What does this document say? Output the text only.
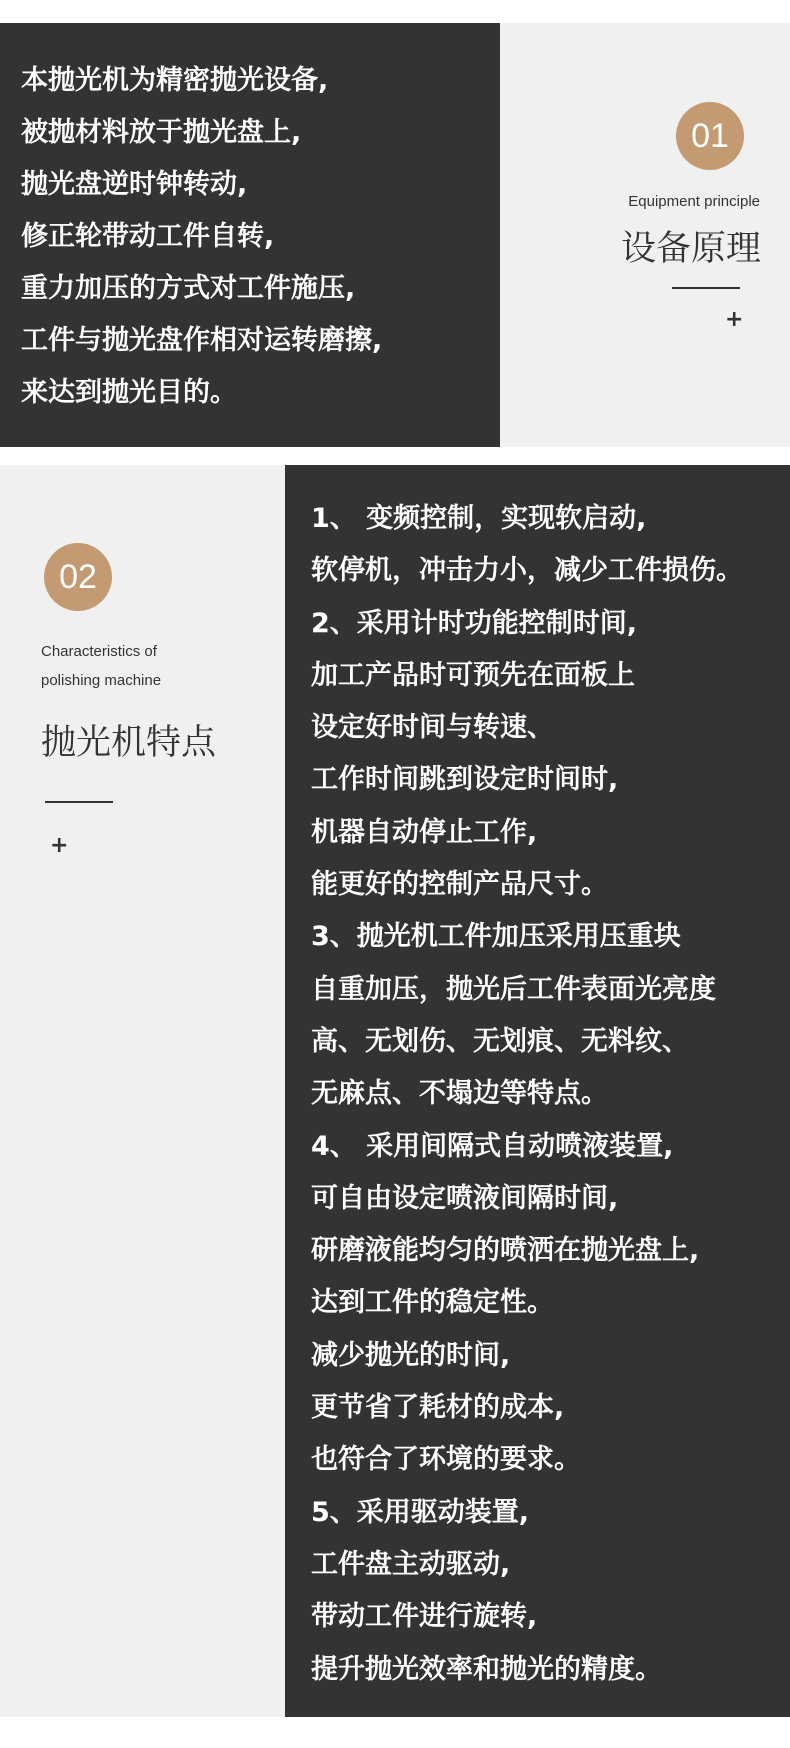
本抛光机为精密抛光设备,
被抛材料放于抛光盘上,
抛光盘逆时钟转动,
修正轮带动工件自转,
重力加压的方式对工件施压,
工件与抛光盘作相对运转磨擦,
来达到抛光目的。
01
Equipment principle
设备原理
+
02
Characteristics of
polishing machine
抛光机特点
+
1、 变频控制，实现软启动,
软停机，冲击力小，减少工件损伤。
2、采用计时功能控制时间,
加工产品时可预先在面板上
设定好时间与转速、
工作时间跳到设定时间时,
机器自动停止工作,
能更好的控制产品尺寸。
3、抛光机工件加压采用压重块
自重加压，抛光后工件表面光亮度
高、无划伤、无划痕、无料纹、
无麻点、不塌边等特点。
4、 采用间隔式自动喷液装置,
可自由设定喷液间隔时间,
研磨液能均匀的喷洒在抛光盘上,
达到工件的稳定性。
减少抛光的时间,
更节省了耗材的成本,
也符合了环境的要求。
5、采用驱动装置,
工件盘主动驱动,
带动工件进行旋转,
提升抛光效率和抛光的精度。
